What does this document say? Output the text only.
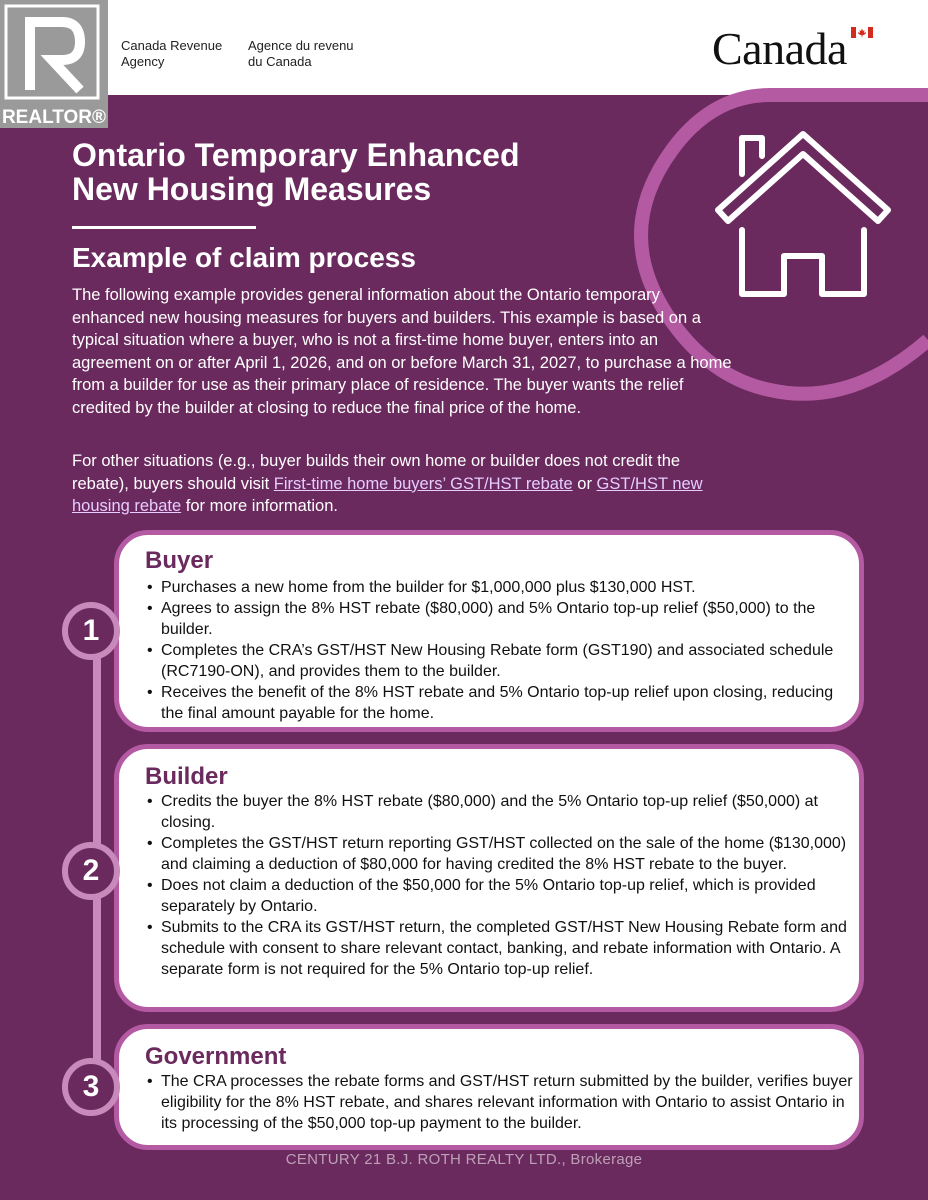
Canada Revenue
Agency
Agence du revenu
du Canada	Canada
REALTOR®
Ontario Temporary Enhanced
New Housing Measures
Example of claim process

The following example provides general information about the Ontario temporary enhanced new housing measures for buyers and builders. This example is based on a typical situation where a buyer, who is not a first-time home buyer, enters into an agreement on or after April 1, 2026, and on or before March 31, 2027, to purchase a home from a builder for use as their primary place of residence. The buyer wants the relief credited by the builder at closing to reduce the final price of the home.

For other situations (e.g., buyer builds their own home or builder does not credit the rebate), buyers should visit First-time home buyers’ GST/HST rebate or GST/HST new housing rebate for more information.

Buyer
• Purchases a new home from the builder for $1,000,000 plus $130,000 HST.
• Agrees to assign the 8% HST rebate ($80,000) and 5% Ontario top-up relief ($50,000) to the builder.
• Completes the CRA’s GST/HST New Housing Rebate form (GST190) and associated schedule (RC7190-ON), and provides them to the builder.
• Receives the benefit of the 8% HST rebate and 5% Ontario top-up relief upon closing, reducing the final amount payable for the home.
Builder
• Credits the buyer the 8% HST rebate ($80,000) and the 5% Ontario top-up relief ($50,000) at closing.
• Completes the GST/HST return reporting GST/HST collected on the sale of the home ($130,000) and claiming a deduction of $80,000 for having credited the 8% HST rebate to the buyer.
• Does not claim a deduction of the $50,000 for the 5% Ontario top-up relief, which is provided separately by Ontario.
• Submits to the CRA its GST/HST return, the completed GST/HST New Housing Rebate form and schedule with consent to share relevant contact, banking, and rebate information with Ontario. A separate form is not required for the 5% Ontario top-up relief.
Government
• The CRA processes the rebate forms and GST/HST return submitted by the builder, verifies buyer eligibility for the 8% HST rebate, and shares relevant information with Ontario to assist Ontario in its processing of the $50,000 top-up payment to the builder.
1
2
3
CENTURY 21 B.J. ROTH REALTY LTD., Brokerage
